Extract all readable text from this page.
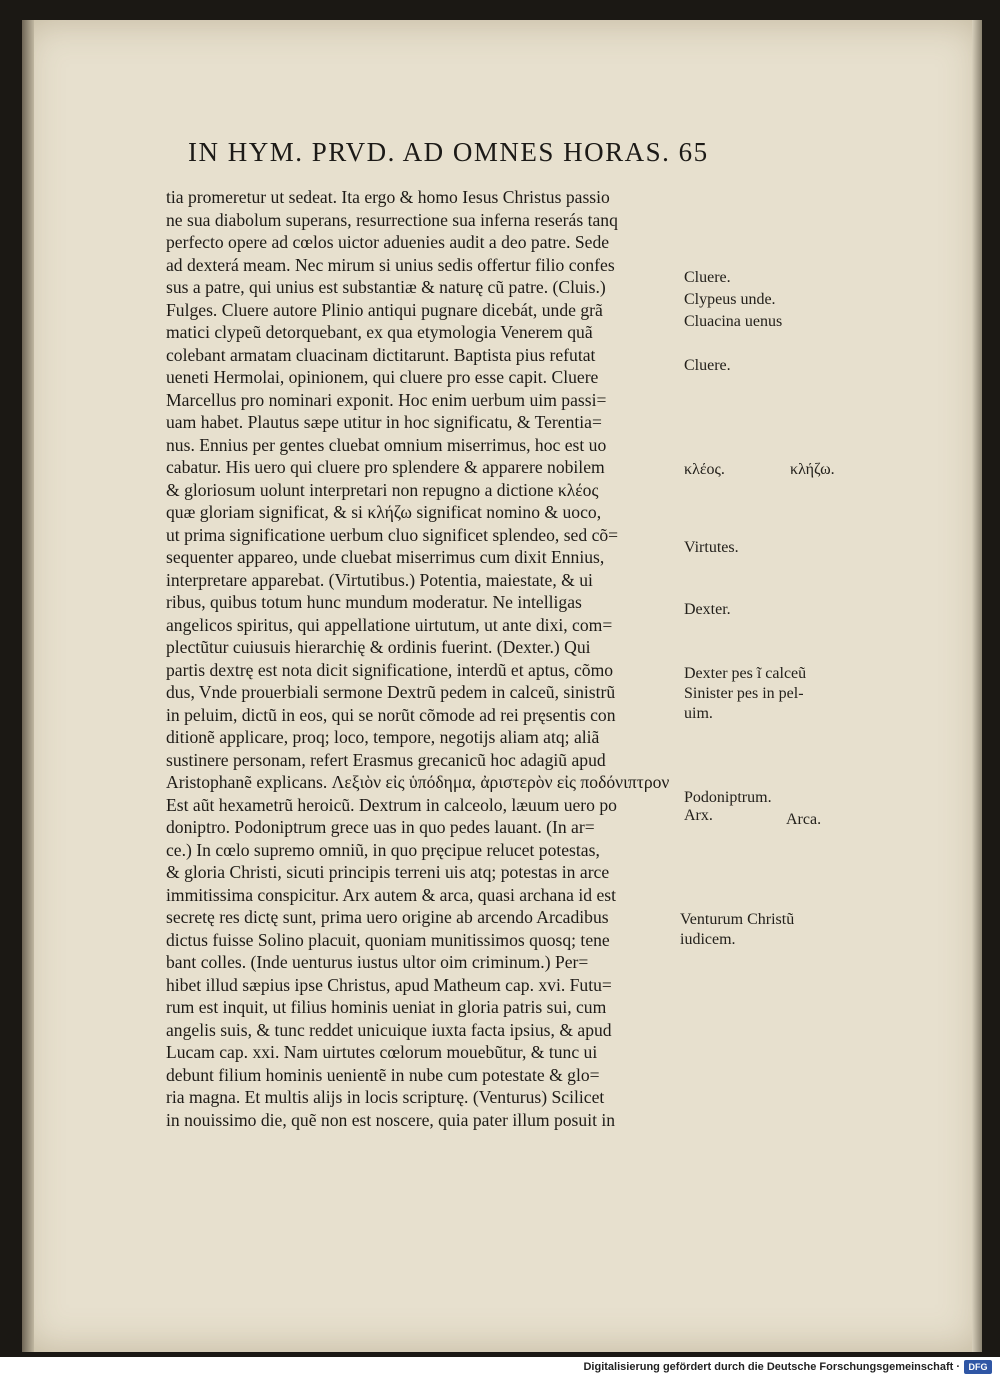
IN HYM. PRVD. AD OMNES HORAS. 65
tia promeretur ut sedeat. Ita ergo & homo Iesus Christus passio
ne sua diabolum superans, resurrectione sua inferna reserás tanq
perfecto opere ad cœlos uictor aduenies audit a deo patre. Sede
ad dexterá meam. Nec mirum si unius sedis offertur filio confes
sus a patre, qui unius est substantiæ & naturę cũ patre. (Cluis.)
Fulges. Cluere autore Plinio antiqui pugnare dicebát, unde grã
matici clypeũ detorquebant, ex qua etymologia Venerem quã
colebant armatam cluacinam dictitarunt. Baptista pius refutat
ueneti Hermolai, opinionem, qui cluere pro esse capit. Cluere
Marcellus pro nominari exponit. Hoc enim uerbum uim passi=
uam habet. Plautus sæpe utitur in hoc significatu, & Terentia=
nus. Ennius per gentes cluebat omnium miserrimus, hoc est uo
cabatur. His uero qui cluere pro splendere & apparere nobilem
& gloriosum uolunt interpretari non repugno a dictione κλέος
quæ gloriam significat, & si κλήζω significat nomino & uoco,
ut prima significatione uerbum cluo significet splendeo, sed cõ=
sequenter appareo, unde cluebat miserrimus cum dixit Ennius,
interpretare apparebat. (Virtutibus.) Potentia, maiestate, & ui
ribus, quibus totum hunc mundum moderatur. Ne intelligas
angelicos spiritus, qui appellatione uirtutum, ut ante dixi, com=
plectũtur cuiusuis hierarchię & ordinis fuerint. (Dexter.) Qui
partis dextrę est nota dicit significatione, interdũ et aptus, cõmo
dus, Vnde prouerbiali sermone Dextrũ pedem in calceũ, sinistrũ
in peluim, dictũ in eos, qui se norũt cõmode ad rei pręsentis con
ditionẽ applicare, proq; loco, tempore, negotijs aliam atq; aliã
sustinere personam, refert Erasmus grecanicũ hoc adagiũ apud
Aristophanẽ explicans. Λεξιὸν εἰς ὑπόδημα, ἀριστερὸν εἰς ποδόνιπτρον
Est aũt hexametrũ heroicũ. Dextrum in calceolo, læuum uero po
doniptro. Podoniptrum grece uas in quo pedes lauant. (In ar=
ce.) In cœlo supremo omniũ, in quo pręcipue relucet potestas,
& gloria Christi, sicuti principis terreni uis atq; potestas in arce
immitissima conspicitur. Arx autem & arca, quasi archana id est
secretę res dictę sunt, prima uero origine ab arcendo Arcadibus
dictus fuisse Solino placuit, quoniam munitissimos quosq; tene
bant colles. (Inde uenturus iustus ultor oim criminum.) Per=
hibet illud sæpius ipse Christus, apud Matheum cap. xvi. Futu=
rum est inquit, ut filius hominis ueniat in gloria patris sui, cum
angelis suis, & tunc reddet unicuique iuxta facta ipsius, & apud
Lucam cap. xxi. Nam uirtutes cœlorum mouebũtur, & tunc ui
debunt filium hominis uenientẽ in nube cum potestate & glo=
ria magna. Et multis alijs in locis scripturę. (Venturus) Scilicet
in nouissimo die, quẽ non est noscere, quia pater illum posuit in
Cluere.
Clypeus unde.
Cluacina uenus
Cluere.
κλέος.	κλήζω.
Virtutes.
Dexter.
Dexter pes ĩ calceũ
Sinister pes in pel-
uim.
Podoniptrum.
Arx.	Arca.
Venturum Christũ
iudicem.
Digitalisierung gefördert durch die Deutsche Forschungsgemeinschaft · DFG
